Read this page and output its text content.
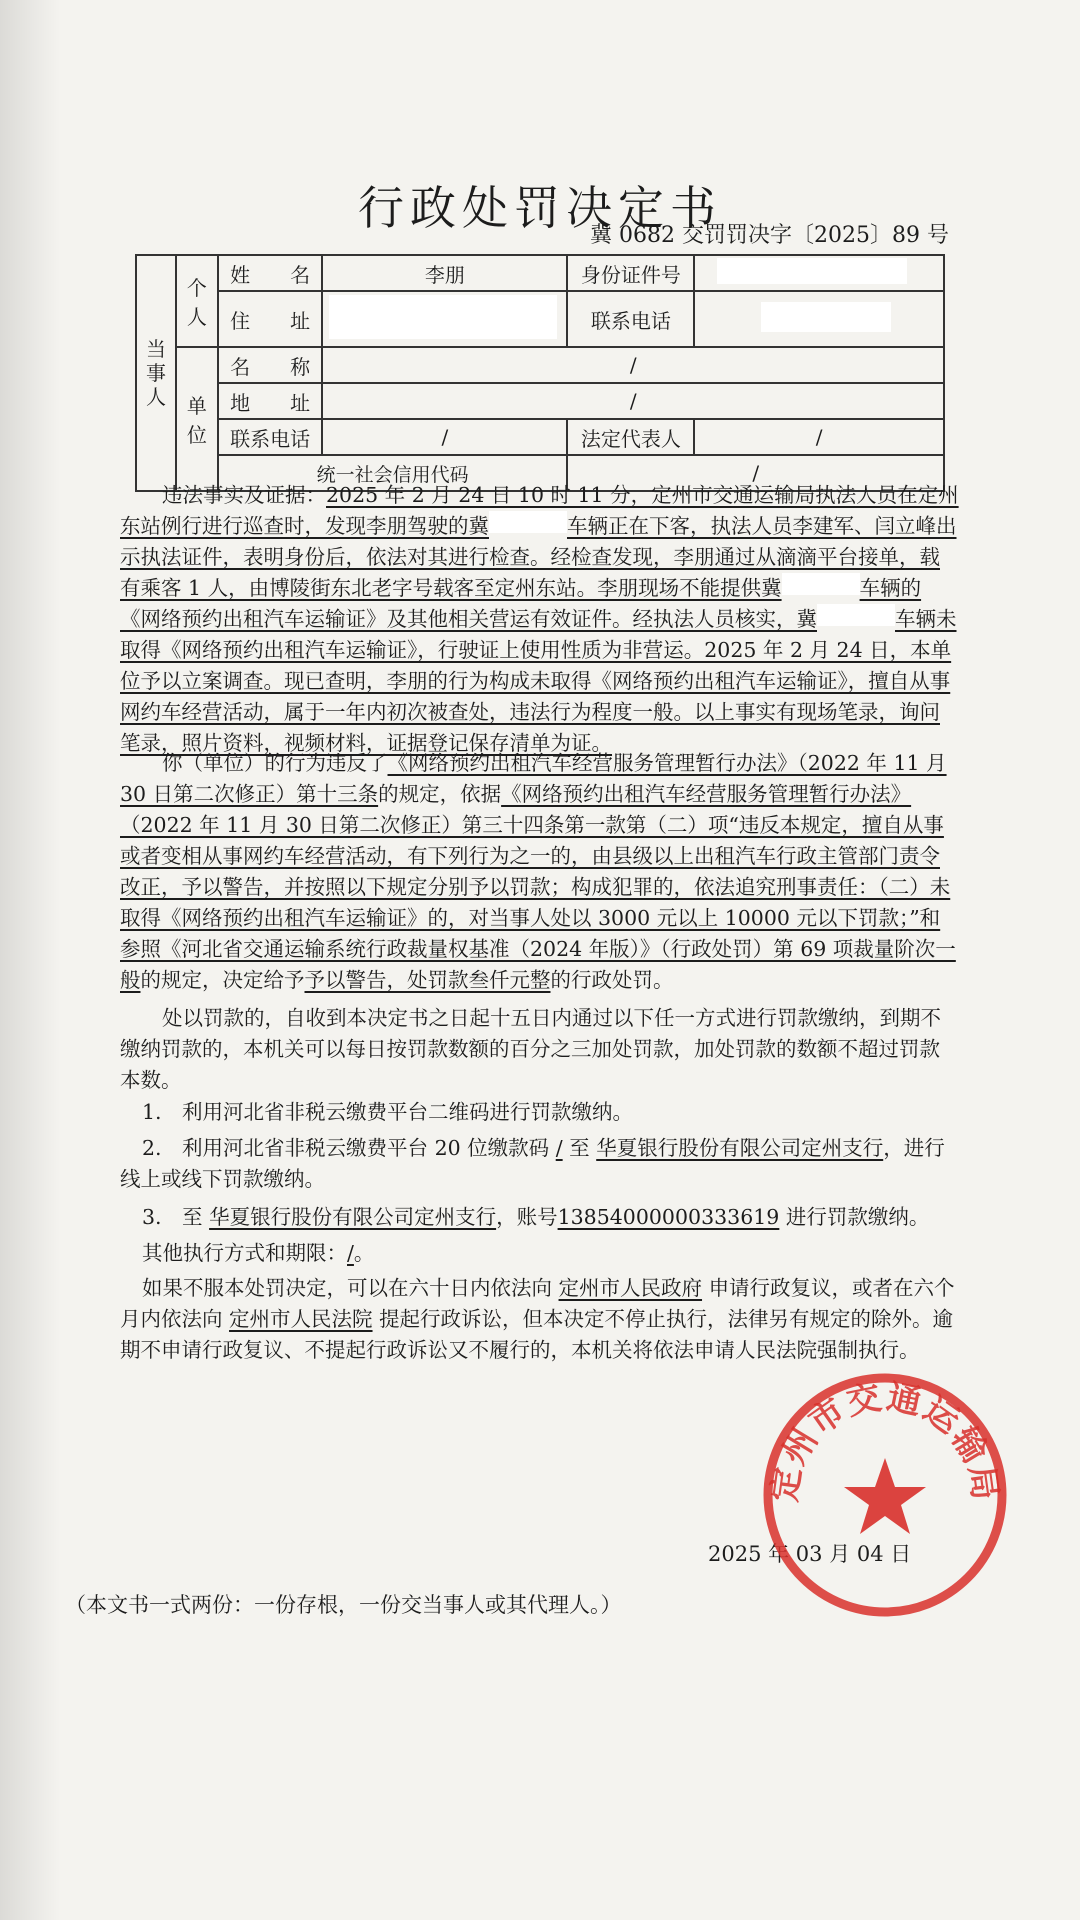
行政处罚决定书
冀 0682 交罚罚决字〔2025〕89 号
当事人	个人	姓　　名	李朋	身份证件号	
		住　　址		联系电话	
	单位	名　　称	/		
		地　　址	/		
		联系电话	/	法定代表人	/
		统一社会信用代码		/	
违法事实及证据：2025 年 2 月 24 日 10 时 11 分，定州市交通运输局执法人员在定州东站例行进行巡查时，发现李朋驾驶的冀	车辆正在下客，执法人员李建军、闫立峰出示执法证件，表明身份后，依法对其进行检查。经检查发现，李朋通过从滴滴平台接单，载有乘客 1 人，由博陵街东北老字号载客至定州东站。李朋现场不能提供冀	车辆的《网络预约出租汽车运输证》及其他相关营运有效证件。经执法人员核实，冀	车辆未取得《网络预约出租汽车运输证》，行驶证上使用性质为非营运。2025 年 2 月 24 日，本单位予以立案调查。现已查明，李朋的行为构成未取得《网络预约出租汽车运输证》，擅自从事网约车经营活动，属于一年内初次被查处，违法行为程度一般。以上事实有现场笔录，询问笔录，照片资料，视频材料，证据登记保存清单为证。
你（单位）的行为违反了《网络预约出租汽车经营服务管理暂行办法》（2022 年 11 月 30 日第二次修正）第十三条的规定，依据《网络预约出租汽车经营服务管理暂行办法》（2022 年 11 月 30 日第二次修正）第三十四条第一款第（二）项“违反本规定，擅自从事或者变相从事网约车经营活动，有下列行为之一的，由县级以上出租汽车行政主管部门责令改正，予以警告，并按照以下规定分别予以罚款；构成犯罪的，依法追究刑事责任：（二）未取得《网络预约出租汽车运输证》的，对当事人处以 3000 元以上 10000 元以下罚款；”和参照《河北省交通运输系统行政裁量权基准（2024 年版）》（行政处罚）第 69 项裁量阶次一般的规定，决定给予予以警告，处罚款叁仟元整的行政处罚。
处以罚款的，自收到本决定书之日起十五日内通过以下任一方式进行罚款缴纳，到期不缴纳罚款的，本机关可以每日按罚款数额的百分之三加处罚款，加处罚款的数额不超过罚款本数。
1.　利用河北省非税云缴费平台二维码进行罚款缴纳。
2.　利用河北省非税云缴费平台 20 位缴款码 / 至 华夏银行股份有限公司定州支行，进行线上或线下罚款缴纳。
3.　至 华夏银行股份有限公司定州支行，账号13854000000333619 进行罚款缴纳。
其他执行方式和期限：/。
如果不服本处罚决定，可以在六十日内依法向 定州市人民政府 申请行政复议，或者在六个月内依法向 定州市人民法院 提起行政诉讼，但本决定不停止执行，法律另有规定的除外。逾期不申请行政复议、不提起行政诉讼又不履行的，本机关将依法申请人民法院强制执行。
2025 年 03 月 04 日
（本文书一式两份：一份存根，一份交当事人或其代理人。）
定州市交通运输局
